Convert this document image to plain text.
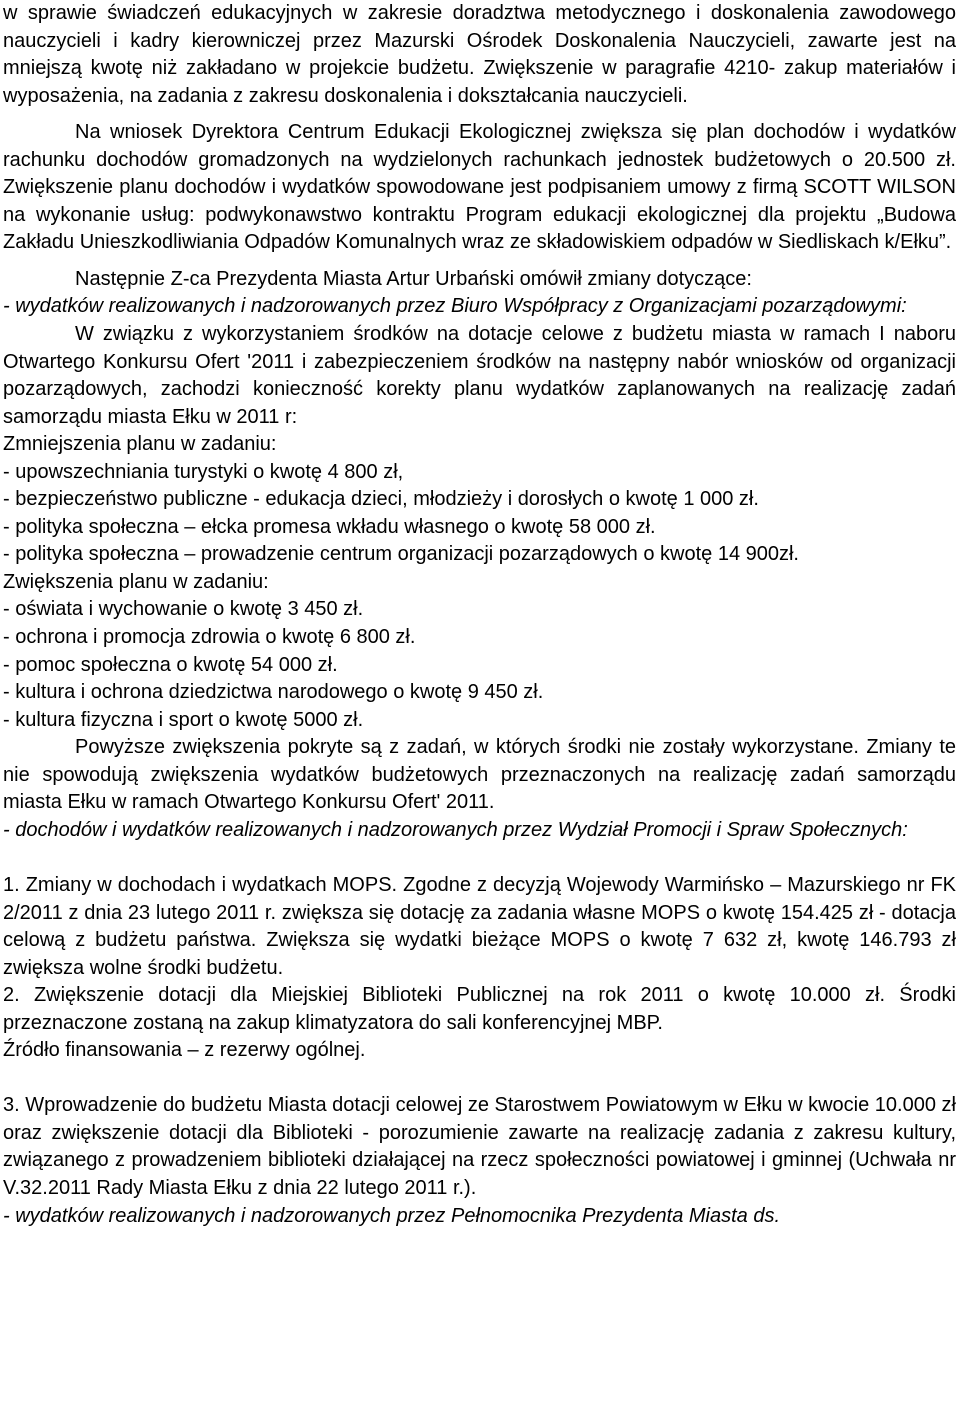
w sprawie świadczeń edukacyjnych w zakresie doradztwa metodycznego i doskonalenia zawodowego nauczycieli i kadry kierowniczej przez Mazurski Ośrodek Doskonalenia Nauczycieli, zawarte jest na mniejszą kwotę niż zakładano w projekcie budżetu. Zwiększenie w paragrafie 4210- zakup materiałów i wyposażenia, na zadania z zakresu doskonalenia i dokształcania nauczycieli.

Na wniosek Dyrektora Centrum Edukacji Ekologicznej zwiększa się plan dochodów i wydatków rachunku dochodów gromadzonych na wydzielonych rachunkach jednostek budżetowych o 20.500 zł. Zwiększenie planu dochodów i wydatków spowodowane jest podpisaniem umowy z firmą SCOTT WILSON na wykonanie usług: podwykonawstwo kontraktu Program edukacji ekologicznej dla projektu „Budowa Zakładu Unieszkodliwiania Odpadów Komunalnych wraz ze składowiskiem odpadów w Siedliskach k/Ełku”.

Następnie Z-ca Prezydenta Miasta Artur Urbański omówił zmiany dotyczące:

- wydatków realizowanych i nadzorowanych przez Biuro Współpracy z Organizacjami pozarządowymi:

W związku z wykorzystaniem środków na dotacje celowe z budżetu miasta w ramach I naboru Otwartego Konkursu Ofert '2011 i zabezpieczeniem środków na następny nabór wniosków od organizacji pozarządowych, zachodzi konieczność korekty planu wydatków zaplanowanych na realizację zadań samorządu miasta Ełku w 2011 r:

Zmniejszenia planu w zadaniu:

- upowszechniania turystyki o kwotę 4 800 zł,

- bezpieczeństwo publiczne - edukacja dzieci, młodzieży i dorosłych o kwotę 1 000 zł.

- polityka społeczna – ełcka promesa wkładu własnego o kwotę 58 000 zł.

- polityka społeczna – prowadzenie centrum organizacji pozarządowych o kwotę 14 900zł.

Zwiększenia planu w zadaniu:

- oświata i wychowanie o kwotę 3 450 zł.

- ochrona i promocja zdrowia o kwotę 6 800 zł.

- pomoc społeczna o kwotę 54 000 zł.

- kultura i ochrona dziedzictwa narodowego o kwotę 9 450 zł.

- kultura fizyczna i sport o kwotę 5000 zł.

Powyższe zwiększenia pokryte są z zadań, w których środki nie zostały wykorzystane. Zmiany te nie spowodują zwiększenia wydatków budżetowych przeznaczonych na realizację zadań samorządu miasta Ełku w ramach Otwartego Konkursu Ofert' 2011.

- dochodów i wydatków realizowanych i nadzorowanych przez Wydział Promocji i Spraw Społecznych:

1. Zmiany w dochodach i wydatkach MOPS. Zgodne z decyzją Wojewody Warmińsko – Mazurskiego nr FK 2/2011 z dnia 23 lutego 2011 r. zwiększa się dotację za zadania własne MOPS o kwotę 154.425 zł - dotacja celową z budżetu państwa. Zwiększa się wydatki bieżące MOPS o kwotę 7 632 zł, kwotę 146.793 zł zwiększa wolne środki budżetu.

2. Zwiększenie dotacji dla Miejskiej Biblioteki Publicznej na rok 2011 o kwotę 10.000 zł. Środki przeznaczone zostaną na zakup klimatyzatora do sali konferencyjnej MBP.

Źródło finansowania – z rezerwy ogólnej.

3. Wprowadzenie do budżetu Miasta dotacji celowej ze Starostwem Powiatowym w Ełku w kwocie 10.000 zł oraz zwiększenie dotacji dla Biblioteki - porozumienie zawarte na realizację zadania z zakresu kultury, związanego z prowadzeniem biblioteki działającej na rzecz społeczności powiatowej i gminnej (Uchwała nr V.32.2011 Rady Miasta Ełku z dnia 22 lutego 2011 r.).

- wydatków realizowanych i nadzorowanych przez Pełnomocnika Prezydenta Miasta ds.
